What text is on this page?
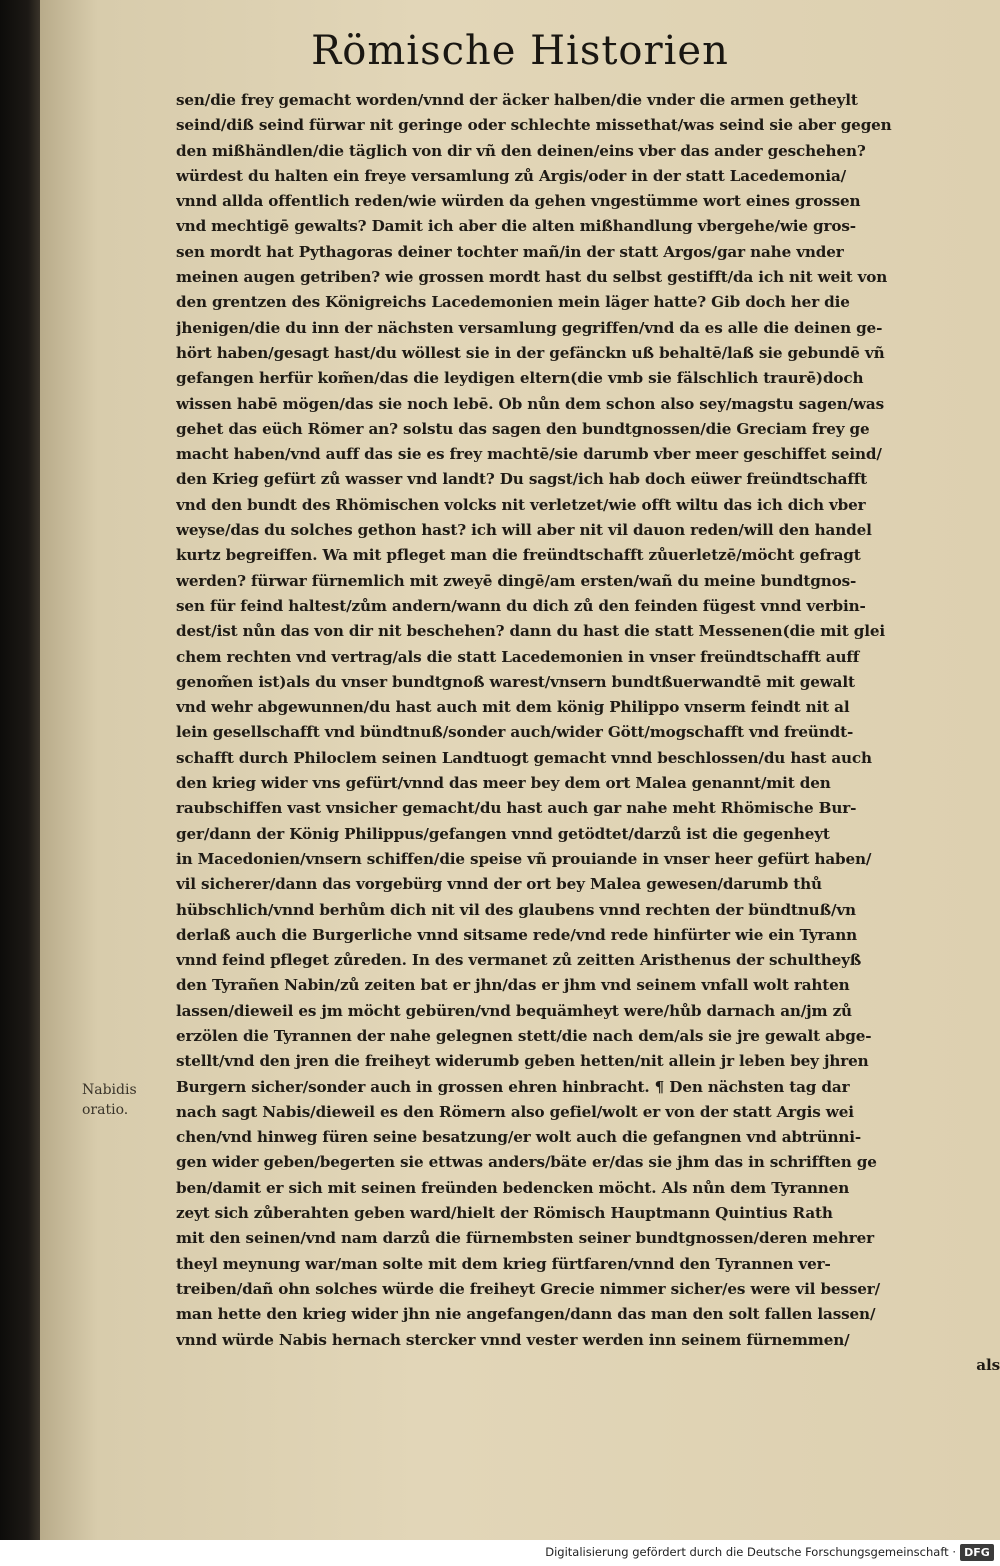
Römische Historien
sen/die frey gemacht worden/vnnd der äcker halben/die vnder die armen getheylt
seind/diß seind fürwar nit geringe oder schlechte missethat/was seind sie aber gegen
den mißhändlen/die täglich von dir vñ den deinen/eins vber das ander geschehen?
würdest du halten ein freye versamlung zů Argis/oder in der statt Lacedemonia/
vnnd allda offentlich reden/wie würden da gehen vngestümme wort eines grossen
vnd mechtigē gewalts? Damit ich aber die alten mißhandlung vbergehe/wie gros-
sen mordt hat Pythagoras deiner tochter mañ/in der statt Argos/gar nahe vnder
meinen augen getriben? wie grossen mordt hast du selbst gestifft/da ich nit weit von
den grentzen des Königreichs Lacedemonien mein läger hatte? Gib doch her die
jhenigen/die du inn der nächsten versamlung gegriffen/vnd da es alle die deinen ge-
hört haben/gesagt hast/du wöllest sie in der gefänckn uß behaltē/laß sie gebundē vñ
gefangen herfür kom̃en/das die leydigen eltern(die vmb sie fälschlich traurē)doch
wissen habē mögen/das sie noch lebē. Ob nůn dem schon also sey/magstu sagen/was
gehet das eüch Römer an? solstu das sagen den bundtgnossen/die Greciam frey ge
macht haben/vnd auff das sie es frey machtē/sie darumb vber meer geschiffet seind/
den Krieg gefürt zů wasser vnd landt? Du sagst/ich hab doch eüwer freündtschafft
vnd den bundt des Rhömischen volcks nit verletzet/wie offt wiltu das ich dich vber
weyse/das du solches gethon hast? ich will aber nit vil dauon reden/will den handel
kurtz begreiffen. Wa mit pfleget man die freündtschafft zůuerletzē/möcht gefragt
werden? fürwar fürnemlich mit zweyē dingē/am ersten/wañ du meine bundtgnos-
sen für feind haltest/zům andern/wann du dich zů den feinden fügest vnnd verbin-
dest/ist nůn das von dir nit beschehen? dann du hast die statt Messenen(die mit glei
chem rechten vnd vertrag/als die statt Lacedemonien in vnser freündtschafft auff
genom̃en ist)als du vnser bundtgnoß warest/vnsern bundtßuerwandtē mit gewalt
vnd wehr abgewunnen/du hast auch mit dem könig Philippo vnserm feindt nit al
lein gesellschafft vnd bündtnuß/sonder auch/wider Gött/mogschafft vnd freündt-
schafft durch Philoclem seinen Landtuogt gemacht vnnd beschlossen/du hast auch
den krieg wider vns gefürt/vnnd das meer bey dem ort Malea genannt/mit den
raubschiffen vast vnsicher gemacht/du hast auch gar nahe meht Rhömische Bur-
ger/dann der König Philippus/gefangen vnnd getödtet/darzů ist die gegenheyt
in Macedonien/vnsern schiffen/die speise vñ prouiande in vnser heer gefürt haben/
vil sicherer/dann das vorgebürg vnnd der ort bey Malea gewesen/darumb thů
hübschlich/vnnd berhům dich nit vil des glaubens vnnd rechten der bündtnuß/vn
derlaß auch die Burgerliche vnnd sitsame rede/vnd rede hinfürter wie ein Tyrann
vnnd feind pfleget zůreden. In des vermanet zů zeitten Aristhenus der schultheyß
den Tyrañen Nabin/zů zeiten bat er jhn/das er jhm vnd seinem vnfall wolt rahten
lassen/dieweil es jm möcht gebüren/vnd bequämheyt were/hůb darnach an/jm zů
erzölen die Tyrannen der nahe gelegnen stett/die nach dem/als sie jre gewalt abge-
stellt/vnd den jren die freiheyt widerumb geben hetten/nit allein jr leben bey jhren
Burgern sicher/sonder auch in grossen ehren hinbracht. ¶ Den nächsten tag dar
nach sagt Nabis/dieweil es den Römern also gefiel/wolt er von der statt Argis wei
chen/vnd hinweg füren seine besatzung/er wolt auch die gefangnen vnd abtrünni-
gen wider geben/begerten sie ettwas anders/bäte er/das sie jhm das in schrifften ge
ben/damit er sich mit seinen freünden bedencken möcht. Als nůn dem Tyrannen
zeyt sich zůberahten geben ward/hielt der Römisch Hauptmann Quintius Rath
mit den seinen/vnd nam darzů die fürnembsten seiner bundtgnossen/deren mehrer
theyl meynung war/man solte mit dem krieg fürtfaren/vnnd den Tyrannen ver-
treiben/dañ ohn solches würde die freiheyt Grecie nimmer sicher/es were vil besser/
man hette den krieg wider jhn nie angefangen/dann das man den solt fallen lassen/
vnnd würde Nabis hernach stercker vnnd vester werden inn seinem fürnemmen/
als
Nabidis
oratio.
Digitalisierung gefördert durch die Deutsche Forschungsgemeinschaft · DFG
